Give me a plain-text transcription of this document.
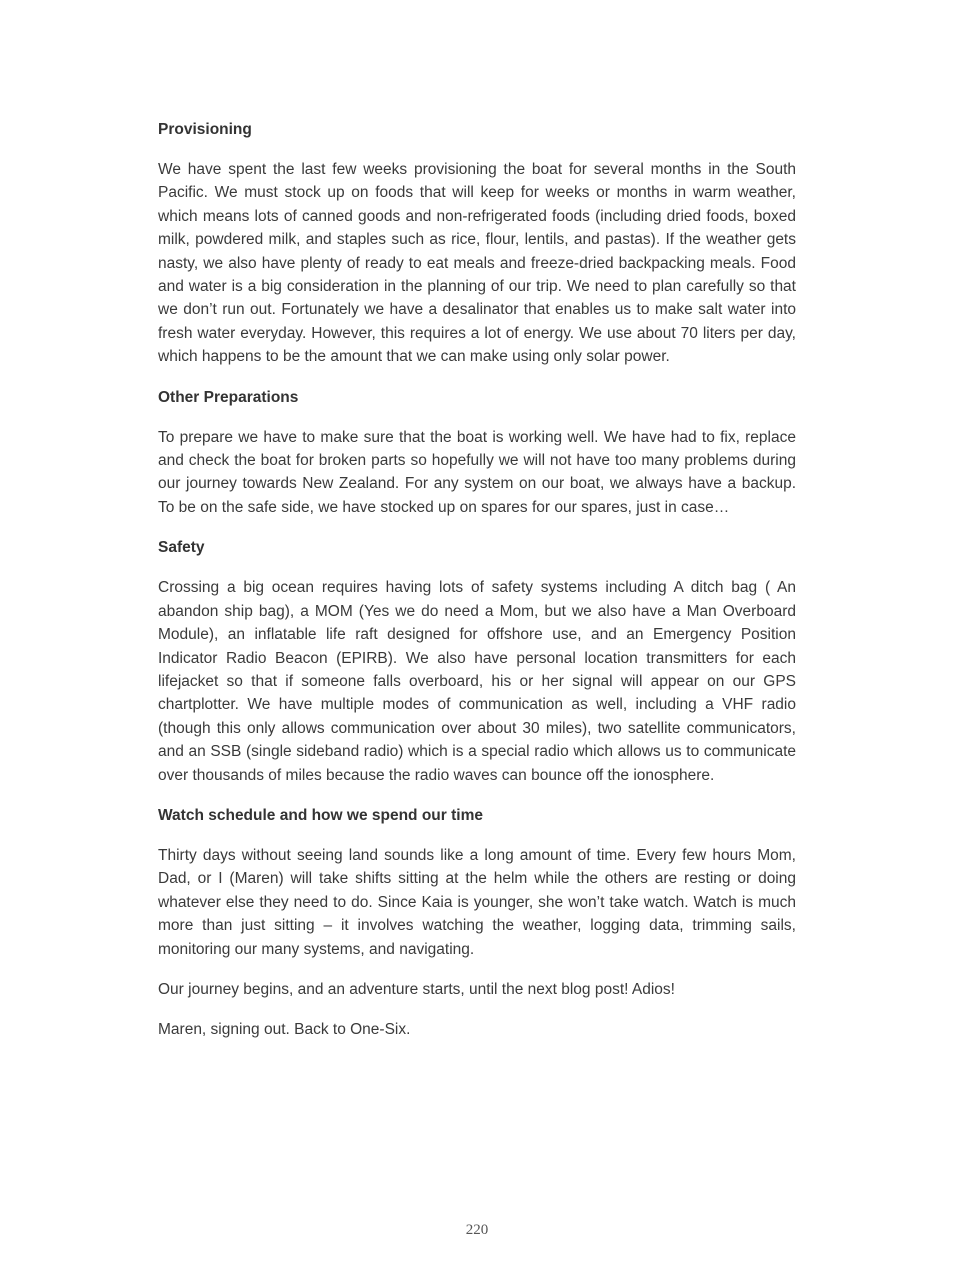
Provisioning

We have spent the last few weeks provisioning the boat for several months in the South Pacific. We must stock up on foods that will keep for weeks or months in warm weather, which means lots of canned goods and non-refrigerated foods (including dried foods, boxed milk, powdered milk, and staples such as rice, flour, lentils, and pastas). If the weather gets nasty, we also have plenty of ready to eat meals and freeze-dried backpacking meals. Food and water is a big consideration in the planning of our trip. We need to plan carefully so that we don’t run out. Fortunately we have a desalinator that enables us to make salt water into fresh water everyday. However, this requires a lot of energy. We use about 70 liters per day, which happens to be the amount that we can make using only solar power.

Other Preparations

To prepare we have to make sure that the boat is working well. We have had to fix, replace and check the boat for broken parts so hopefully we will not have too many problems during our journey towards New Zealand. For any system on our boat, we always have a backup. To be on the safe side, we have stocked up on spares for our spares, just in case…

Safety

Crossing a big ocean requires having lots of safety systems including A ditch bag ( An abandon ship bag), a MOM (Yes we do need a Mom, but we also have a Man Overboard Module), an inflatable life raft designed for offshore use, and an Emergency Position Indicator Radio Beacon (EPIRB). We also have personal location transmitters for each lifejacket so that if someone falls overboard, his or her signal will appear on our GPS chartplotter. We have multiple modes of communication as well, including a VHF radio (though this only allows communication over about 30 miles), two satellite communicators, and an SSB (single sideband radio) which is a special radio which allows us to communicate over thousands of miles because the radio waves can bounce off the ionosphere.

Watch schedule and how we spend our time

Thirty days without seeing land sounds like a long amount of time. Every few hours Mom, Dad, or I (Maren) will take shifts sitting at the helm while the others are resting or doing whatever else they need to do. Since Kaia is younger, she won’t take watch. Watch is much more than just sitting – it involves watching the weather, logging data, trimming sails, monitoring our many systems, and navigating.

Our journey begins, and an adventure starts, until the next blog post! Adios!

Maren, signing out. Back to One-Six.

220
